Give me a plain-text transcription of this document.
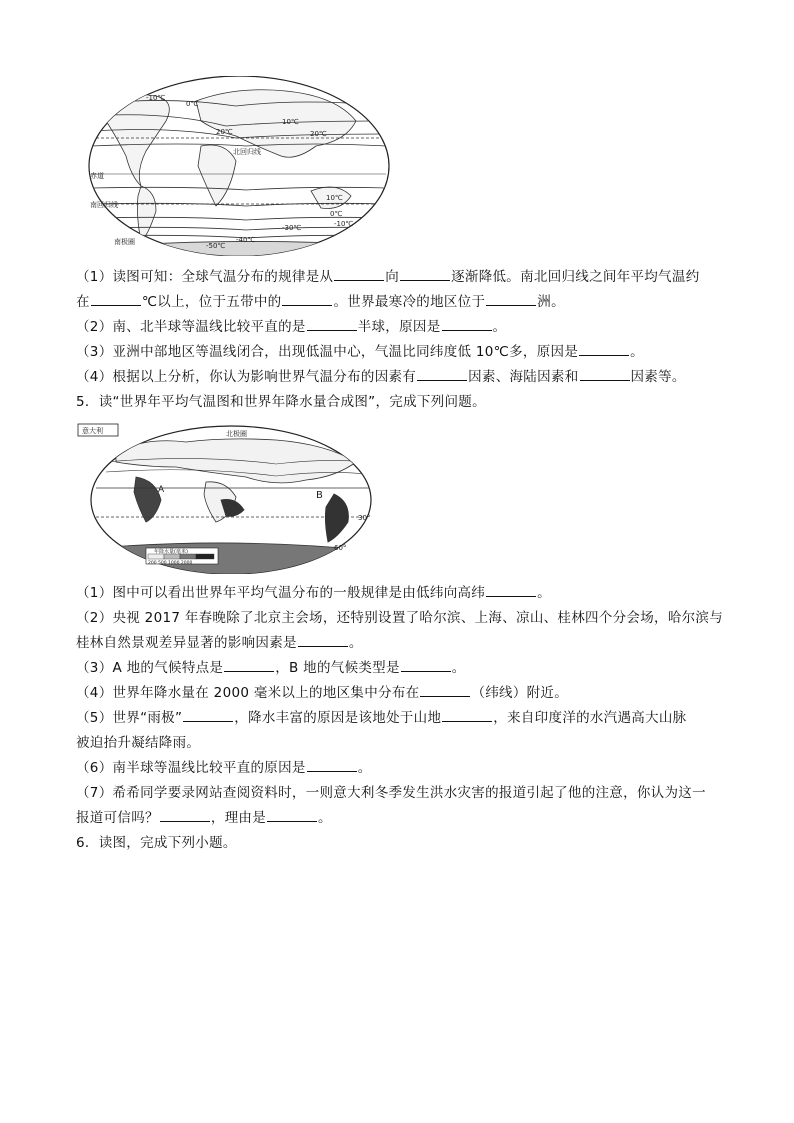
北回归线
赤道
南回归线
南极圈
-10℃
0℃
10℃
20℃	20℃
10℃
0℃
-10℃
-30℃
-40℃
-50℃
（1）读图可知：全球气温分布的规律是从	向	逐渐降低。南北回归线之间年平均气温约
在	℃以上，位于五带中的	。世界最寒冷的地区位于	洲。
（2）南、北半球等温线比较平直的是	半球，原因是	。
（3）亚洲中部地区等温线闭合，出现低温中心，气温比同纬度低 10℃多，原因是	。
（4）根据以上分析，你认为影响世界气温分布的因素有	因素、海陆因素和	因素等。
5．读“世界年平均气温图和世界年降水量合成图”，完成下列问题。
意大利	北极圈
A	B
30°
60°
年降水量(毫米)
200 500 1000 2000
（1）图中可以看出世界年平均气温分布的一般规律是由低纬向高纬	。
（2）央视 2017 年春晚除了北京主会场，还特别设置了哈尔滨、上海、凉山、桂林四个分会场，哈尔滨与
桂林自然景观差异显著的影响因素是	。
（3）A 地的气候特点是	，B 地的气候类型是	。
（4）世界年降水量在 2000 毫米以上的地区集中分布在	（纬线）附近。
（5）世界“雨极”	，降水丰富的原因是该地处于山地	，来自印度洋的水汽遇高大山脉
被迫抬升凝结降雨。
（6）南半球等温线比较平直的原因是	。
（7）希希同学要录网站查阅资料时，一则意大利冬季发生洪水灾害的报道引起了他的注意，你认为这一
报道可信吗？	，理由是	。
6．读图，完成下列小题。
